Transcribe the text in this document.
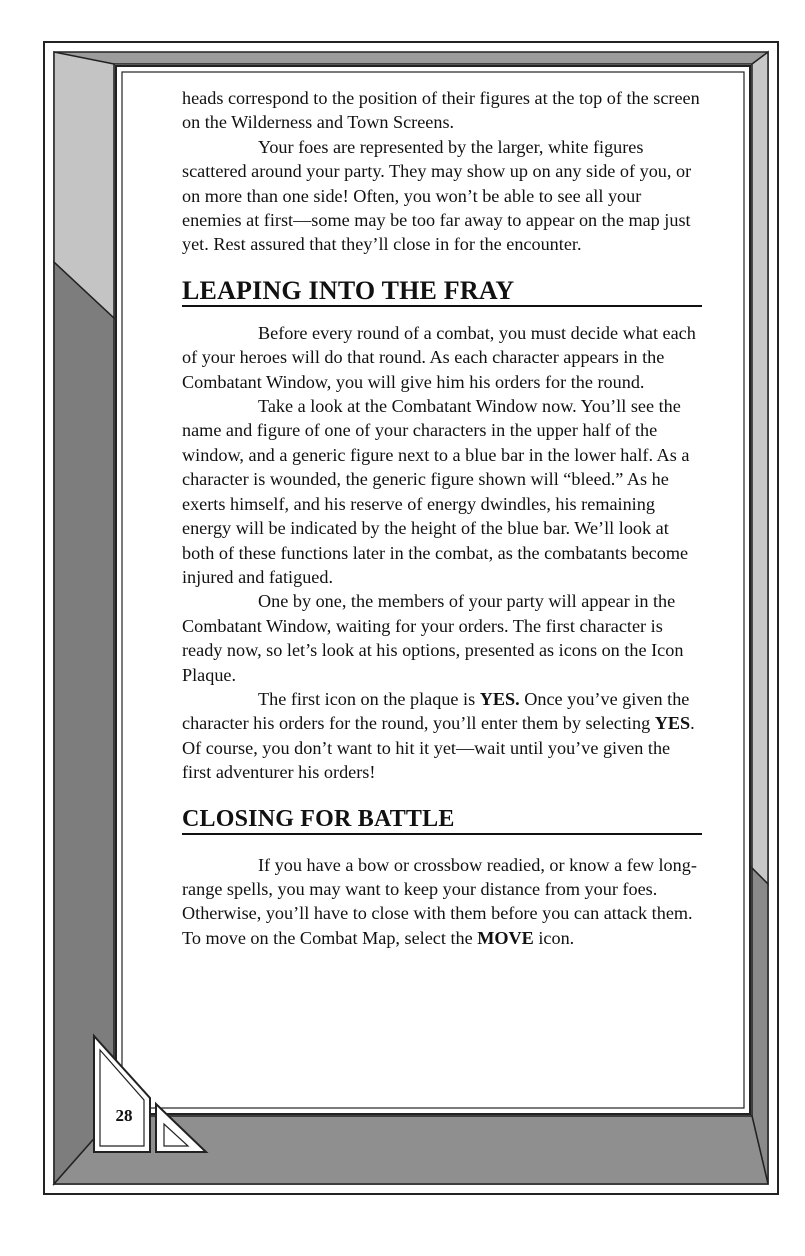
28

heads correspond to the position of their figures at the top of the screen on the Wilderness and Town Screens.

Your foes are represented by the larger, white figures scattered around your party. They may show up on any side of you, or on more than one side! Often, you won’t be able to see all your enemies at first—some may be too far away to appear on the map just yet. Rest assured that they’ll close in for the encounter.

LEAPING INTO THE FRAY

Before every round of a combat, you must decide what each of your heroes will do that round. As each character appears in the Combatant Window, you will give him his orders for the round.

Take a look at the Combatant Window now. You’ll see the name and figure of one of your characters in the upper half of the window, and a generic figure next to a blue bar in the lower half. As a character is wounded, the generic figure shown will “bleed.” As he exerts himself, and his reserve of energy dwindles, his remaining energy will be indicated by the height of the blue bar. We’ll look at both of these functions later in the combat, as the combatants become injured and fatigued.

One by one, the members of your party will appear in the Combatant Window, waiting for your orders. The first character is ready now, so let’s look at his options, presented as icons on the Icon Plaque.

The first icon on the plaque is YES. Once you’ve given the character his orders for the round, you’ll enter them by selecting YES. Of course, you don’t want to hit it yet—wait until you’ve given the first adventurer his orders!

CLOSING FOR BATTLE

If you have a bow or crossbow readied, or know a few long-range spells, you may want to keep your distance from your foes. Otherwise, you’ll have to close with them before you can attack them. To move on the Combat Map, select the MOVE icon.
